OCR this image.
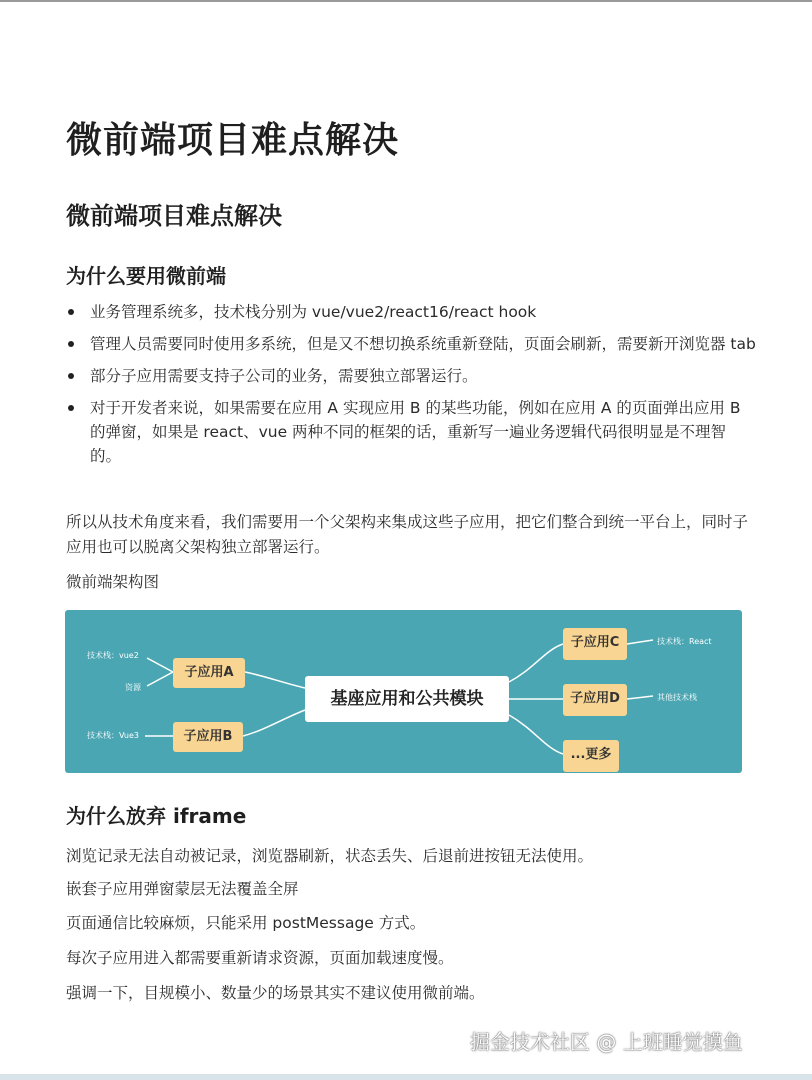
微前端项目难点解决
微前端项目难点解决
为什么要用微前端
业务管理系统多，技术栈分别为 vue/vue2/react16/react hook
管理人员需要同时使用多系统，但是又不想切换系统重新登陆，页面会刷新，需要新开浏览器 tab
部分子应用需要支持子公司的业务，需要独立部署运行。
对于开发者来说，如果需要在应用 A 实现应用 B 的某些功能，例如在应用 A 的页面弹出应用 B 的弹窗，如果是 react、vue 两种不同的框架的话，重新写一遍业务逻辑代码很明显是不理智的。
所以从技术角度来看，我们需要用一个父架构来集成这些子应用，把它们整合到统一平台上，同时子应用也可以脱离父架构独立部署运行。
微前端架构图
基座应用和公共模块
子应用A
子应用B
子应用C
子应用D
...更多
技术栈：vue2
资源
技术栈：Vue3
技术栈：React
其他技术栈
为什么放弃 iframe
浏览记录无法自动被记录，浏览器刷新，状态丢失、后退前进按钮无法使用。
嵌套子应用弹窗蒙层无法覆盖全屏
页面通信比较麻烦，只能采用 postMessage 方式。
每次子应用进入都需要重新请求资源，页面加载速度慢。
强调一下，目规模小、数量少的场景其实不建议使用微前端。
掘金技术社区 @ 上班睡觉摸鱼
